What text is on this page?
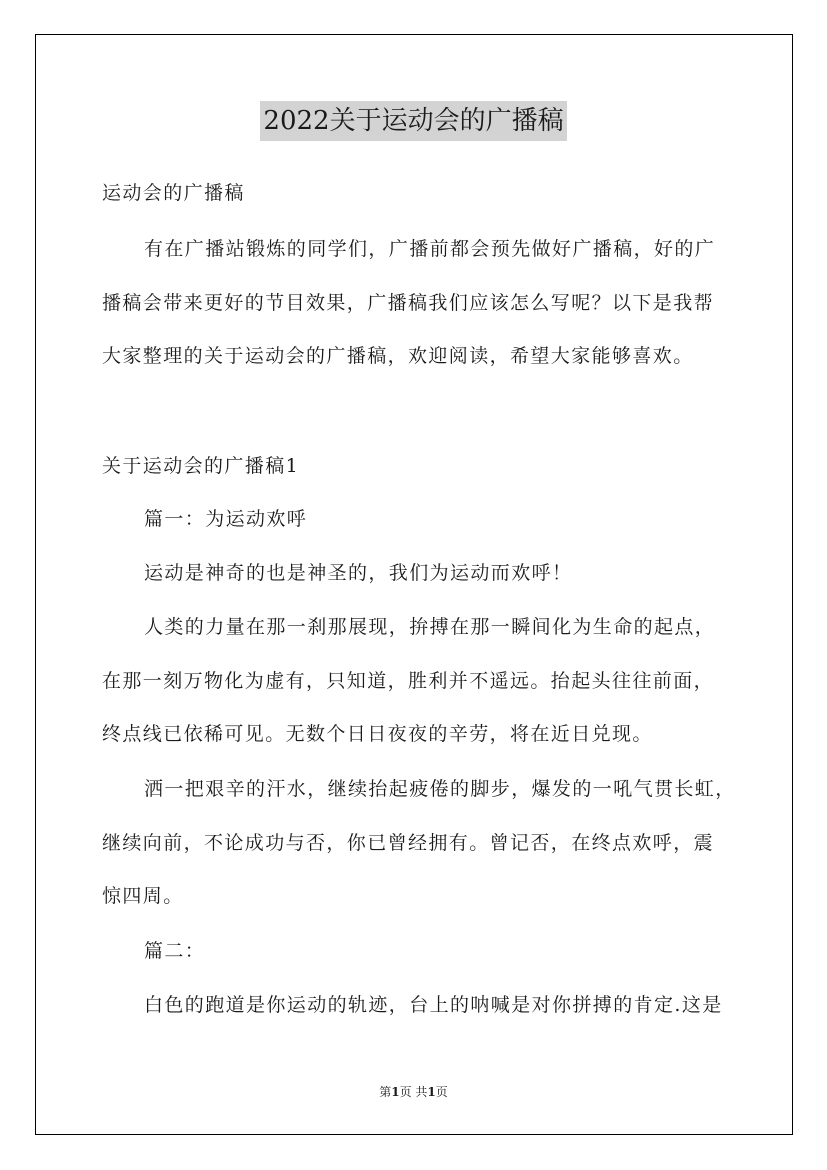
2022关于运动会的广播稿
运动会的广播稿
有在广播站锻炼的同学们，广播前都会预先做好广播稿，好的广
播稿会带来更好的节目效果，广播稿我们应该怎么写呢？以下是我帮
大家整理的关于运动会的广播稿，欢迎阅读，希望大家能够喜欢。
关于运动会的广播稿1
篇一：为运动欢呼
运动是神奇的也是神圣的，我们为运动而欢呼！
人类的力量在那一刹那展现，拚搏在那一瞬间化为生命的起点，
在那一刻万物化为虚有，只知道，胜利并不遥远。抬起头往往前面，
终点线已依稀可见。无数个日日夜夜的辛劳，将在近日兑现。
洒一把艰辛的汗水，继续抬起疲倦的脚步，爆发的一吼气贯长虹，
继续向前，不论成功与否，你已曾经拥有。曾记否，在终点欢呼，震
惊四周。
篇二：
白色的跑道是你运动的轨迹，台上的呐喊是对你拼搏的肯定.这是
第1页 共1页
